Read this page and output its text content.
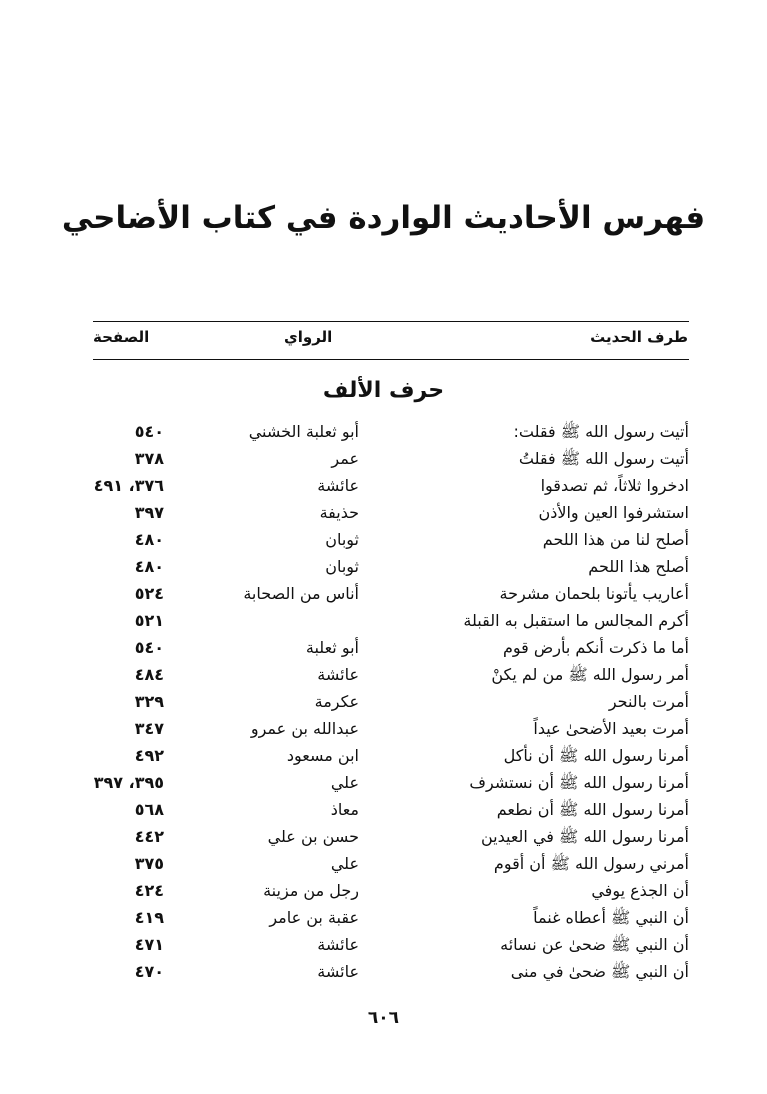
فهرس الأحاديث الواردة في كتاب الأضاحي
طرف الحديث
الرواي
الصفحة
حرف الألف
أتيت رسول الله ﷺ فقلت:
أبو ثعلبة الخشني
٥٤٠
أتيت رسول الله ﷺ فقلتُ
عمر
٣٧٨
ادخروا ثلاثاً، ثم تصدقوا
عائشة
٣٧٦، ٤٩١
استشرفوا العين والأذن
حذيفة
٣٩٧
أصلح لنا من هذا اللحم
ثوبان
٤٨٠
أصلح هذا اللحم
ثوبان
٤٨٠
أعاريب يأتونا بلحمان مشرحة
أناس من الصحابة
٥٢٤
أكرم المجالس ما استقبل به القبلة
٥٢١
أما ما ذكرت أنكم بأرض قوم
أبو ثعلبة
٥٤٠
أمر رسول الله ﷺ من لم يكنْ
عائشة
٤٨٤
أمرت بالنحر
عكرمة
٣٢٩
أمرت بعيد الأضحىٰ عيداً
عبدالله بن عمرو
٣٤٧
أمرنا رسول الله ﷺ أن نأكل
ابن مسعود
٤٩٢
أمرنا رسول الله ﷺ أن نستشرف
علي
٣٩٥، ٣٩٧
أمرنا رسول الله ﷺ أن نطعم
معاذ
٥٦٨
أمرنا رسول الله ﷺ في العيدين
حسن بن علي
٤٤٢
أمرني رسول الله ﷺ أن أقوم
علي
٣٧٥
أن الجذع يوفي
رجل من مزينة
٤٢٤
أن النبي ﷺ أعطاه غنماً
عقبة بن عامر
٤١٩
أن النبي ﷺ ضحىٰ عن نسائه
عائشة
٤٧١
أن النبي ﷺ ضحىٰ في منى
عائشة
٤٧٠
٦٠٦
